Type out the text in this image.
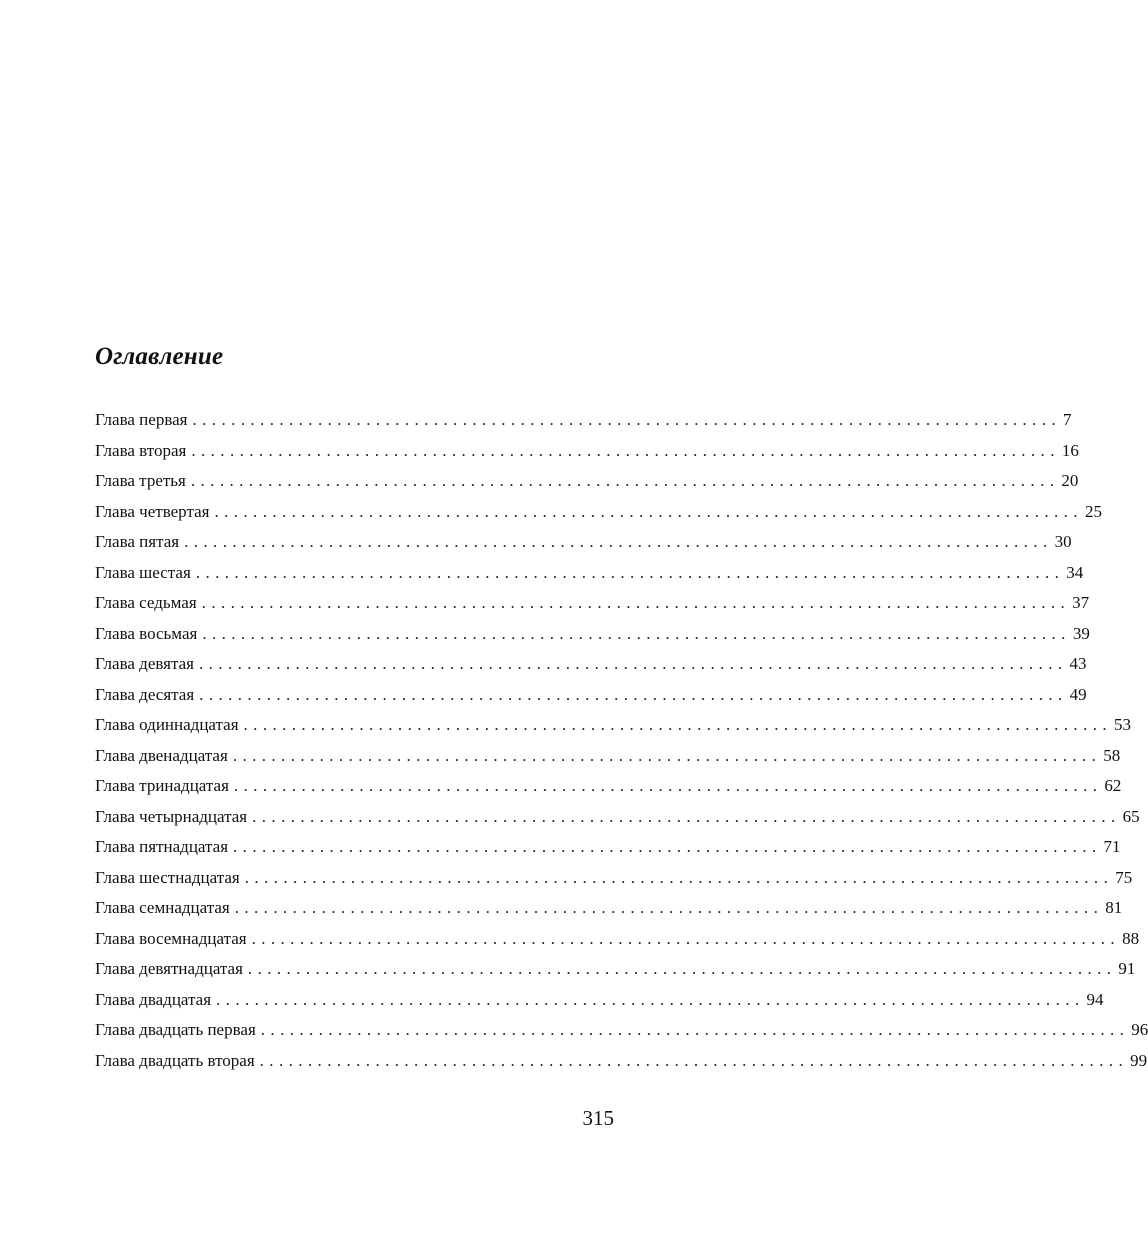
Оглавление
Глава первая .......................................................................................... 7
Глава вторая .......................................................................................... 16
Глава третья .......................................................................................... 20
Глава четвертая .......................................................................................... 25
Глава пятая .......................................................................................... 30
Глава шестая .......................................................................................... 34
Глава седьмая .......................................................................................... 37
Глава восьмая .......................................................................................... 39
Глава девятая .......................................................................................... 43
Глава десятая .......................................................................................... 49
Глава одиннадцатая .......................................................................................... 53
Глава двенадцатая .......................................................................................... 58
Глава тринадцатая .......................................................................................... 62
Глава четырнадцатая .......................................................................................... 65
Глава пятнадцатая .......................................................................................... 71
Глава шестнадцатая .......................................................................................... 75
Глава семнадцатая .......................................................................................... 81
Глава восемнадцатая .......................................................................................... 88
Глава девятнадцатая .......................................................................................... 91
Глава двадцатая .......................................................................................... 94
Глава двадцать первая .......................................................................................... 96
Глава двадцать вторая .......................................................................................... 99

315
